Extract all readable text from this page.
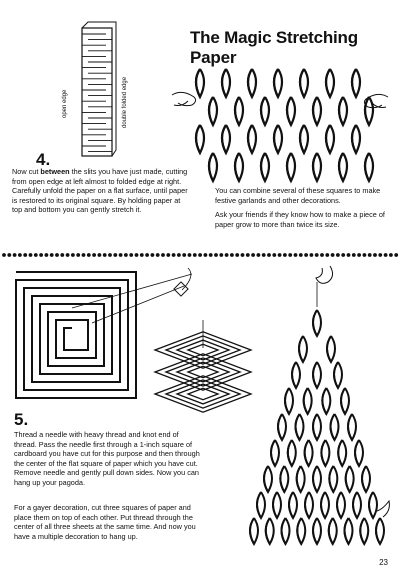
open edge	double folded edge
The Magic Stretching Paper
4.
Now cut between the slits you have just made, cutting from open edge at left almost to folded edge at right. Carefully unfold the paper on a flat surface, until paper is restored to its original square. By holding paper at top and bottom you can gently stretch it.
You can combine several of these squares to make festive garlands and other decorations.
Ask your friends if they know how to make a piece of paper grow to more than twice its size.
5.
Thread a needle with heavy thread and knot end of thread. Pass the needle first through a 1-inch square of cardboard you have cut for this purpose and then through the center of the flat square of paper which you have cut. Remove needle and gently pull down sides. Now you can hang up your pagoda.
For a gayer decoration, cut three squares of paper and place them on top of each other. Put thread through the center of all three sheets at the same time. And now you have a multiple decoration to hang up.
23
